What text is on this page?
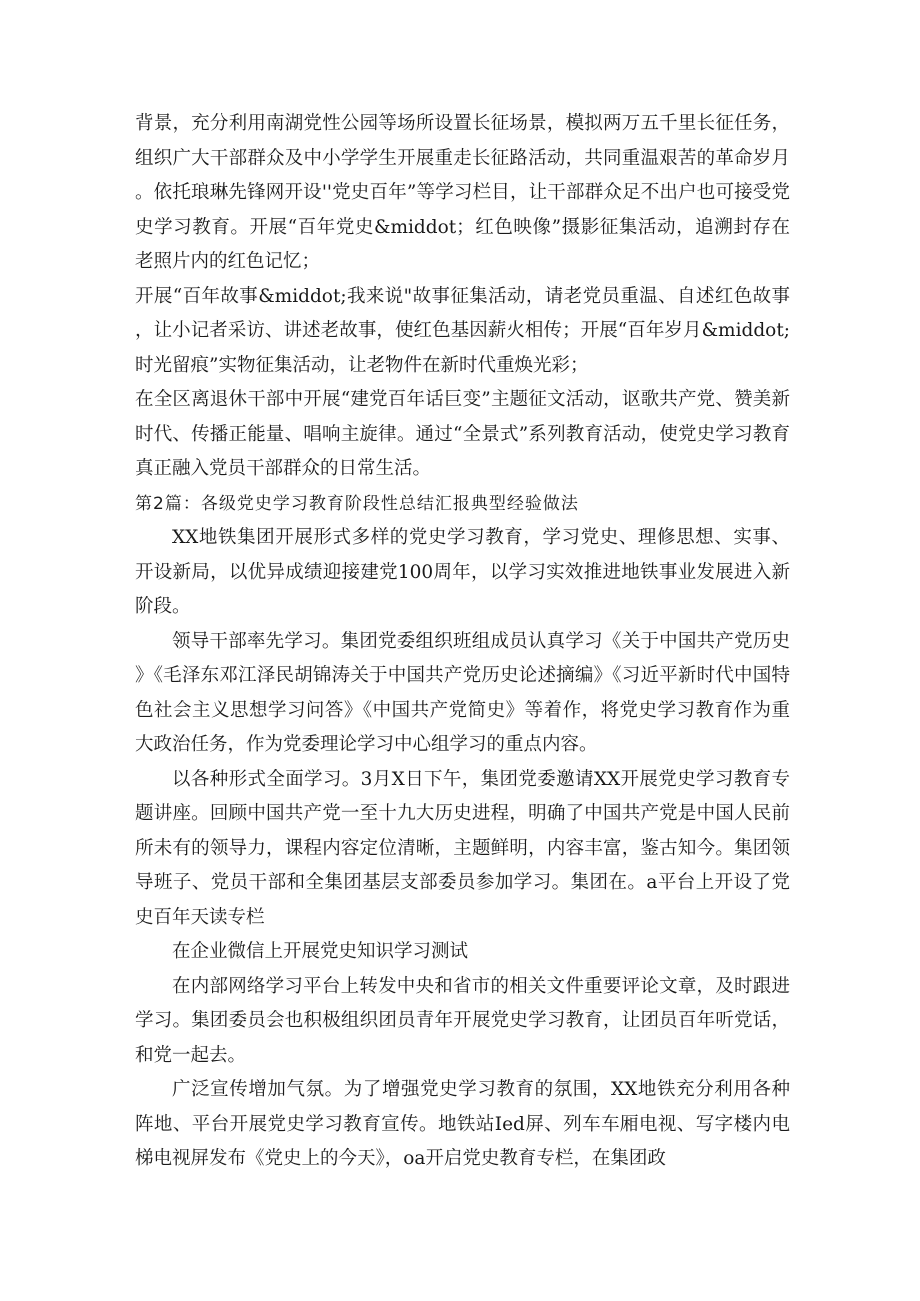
背景，充分利用南湖党性公园等场所设置长征场景，模拟两万五千里长征任务，组织广大干部群众及中小学学生开展重走长征路活动，共同重温艰苦的革命岁月。依托琅琳先锋网开设''党史百年”等学习栏目，让干部群众足不出户也可接受党史学习教育。开展“百年党史&middot；红色映像”摄影征集活动，追溯封存在老照片内的红色记忆；

开展“百年故事&middot;我来说"故事征集活动，请老党员重温、自述红色故事，让小记者采访、讲述老故事，使红色基因薪火相传；开展“百年岁月&middot;时光留痕”实物征集活动，让老物件在新时代重焕光彩；

在全区离退休干部中开展“建党百年话巨变”主题征文活动，讴歌共产党、赞美新时代、传播正能量、唱响主旋律。通过“全景式”系列教育活动，使党史学习教育真正融入党员干部群众的日常生活。

第2篇：各级党史学习教育阶段性总结汇报典型经验做法

XX地铁集团开展形式多样的党史学习教育，学习党史、理修思想、实事、开设新局，以优异成绩迎接建党100周年，以学习实效推进地铁事业发展进入新阶段。

领导干部率先学习。集团党委组织班组成员认真学习《关于中国共产党历史》《毛泽东邓江泽民胡锦涛关于中国共产党历史论述摘编》《习近平新时代中国特色社会主义思想学习问答》《中国共产党简史》等着作，将党史学习教育作为重大政治任务，作为党委理论学习中心组学习的重点内容。

以各种形式全面学习。3月X日下午，集团党委邀请XX开展党史学习教育专题讲座。回顾中国共产党一至十九大历史进程，明确了中国共产党是中国人民前所未有的领导力，课程内容定位清晰，主题鲜明，内容丰富，鉴古知今。集团领导班子、党员干部和全集团基层支部委员参加学习。集团在。a平台上开设了党史百年天读专栏

在企业微信上开展党史知识学习测试

在内部网络学习平台上转发中央和省市的相关文件重要评论文章，及时跟进学习。集团委员会也积极组织团员青年开展党史学习教育，让团员百年听党话，和党一起去。

广泛宣传增加气氛。为了增强党史学习教育的氛围，XX地铁充分利用各种阵地、平台开展党史学习教育宣传。地铁站Ied屏、列车车厢电视、写字楼内电梯电视屏发布《党史上的今天》，oa开启党史教育专栏，在集团政
